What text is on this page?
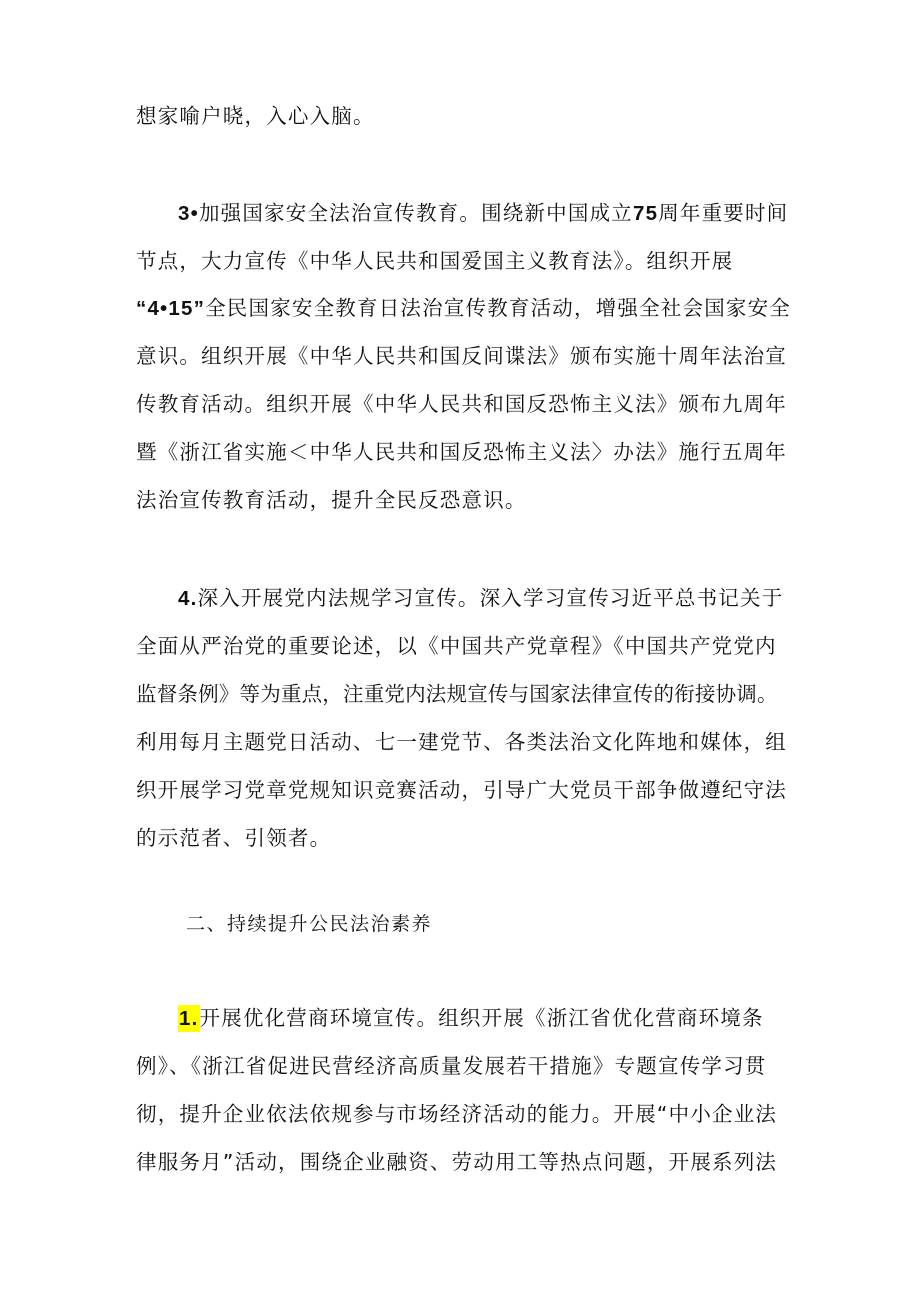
想家喻户晓，入心入脑。
3•加强国家安全法治宣传教育。围绕新中国成立75周年重要时间
节点，大力宣传《中华人民共和国爱国主义教育法》。组织开展
“4•15”全民国家安全教育日法治宣传教育活动，增强全社会国家安全
意识。组织开展《中华人民共和国反间谍法》颁布实施十周年法治宣
传教育活动。组织开展《中华人民共和国反恐怖主义法》颁布九周年
暨《浙江省实施＜中华人民共和国反恐怖主义法〉办法》施行五周年
法治宣传教育活动，提升全民反恐意识。
4.深入开展党内法规学习宣传。深入学习宣传习近平总书记关于
全面从严治党的重要论述，以《中国共产党章程》《中国共产党党内
监督条例》等为重点，注重党内法规宣传与国家法律宣传的衔接协调。
利用每月主题党日活动、七一建党节、各类法治文化阵地和媒体，组
织开展学习党章党规知识竞赛活动，引导广大党员干部争做遵纪守法
的示范者、引领者。
二、持续提升公民法治素养
1.开展优化营商环境宣传。组织开展《浙江省优化营商环境条
例》、《浙江省促进民营经济高质量发展若干措施》专题宣传学习贯
彻，提升企业依法依规参与市场经济活动的能力。开展“中小企业法
律服务月”活动，围绕企业融资、劳动用工等热点问题，开展系列法
